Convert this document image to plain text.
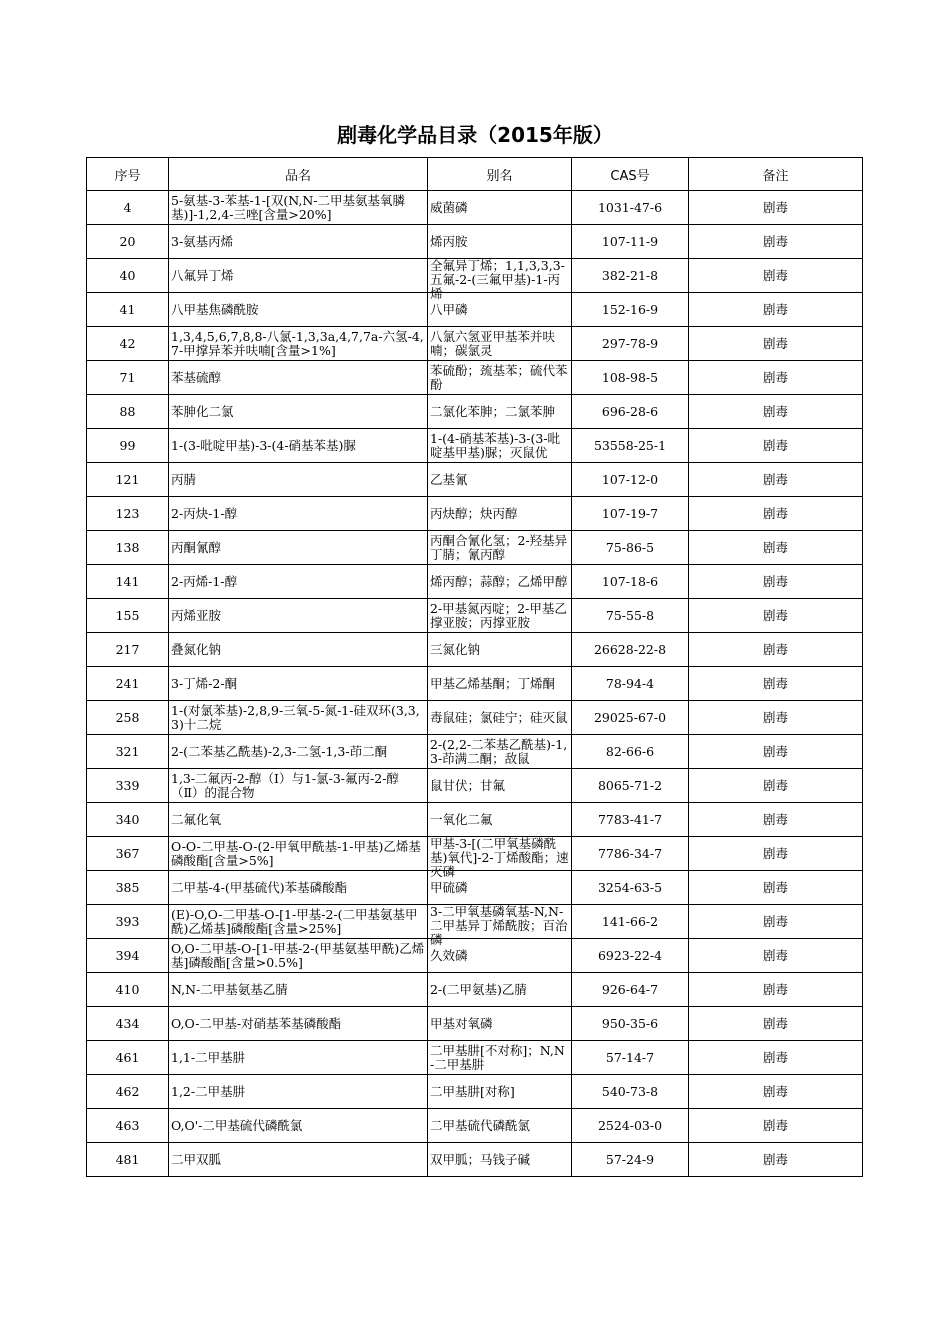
剧毒化学品目录（2015年版）
序号	品名	别名	CAS号	备注

4	5-氨基-3-苯基-1-[双(N,N-二甲基氨基氧膦基)]-1,2,4-三唑[含量>20%]	威菌磷	1031-47-6	剧毒

20	3-氨基丙烯	烯丙胺	107-11-9	剧毒

40	八氟异丁烯	全氟异丁烯；1,1,3,3,3-五氟-2-(三氟甲基)-1-丙烯	382-21-8	剧毒

41	八甲基焦磷酰胺	八甲磷	152-16-9	剧毒

42	1,3,4,5,6,7,8,8-八氯-1,3,3a,4,7,7a-六氢-4,7-甲撑异苯并呋喃[含量>1%]	八氯六氢亚甲基苯并呋喃；碳氯灵	297-78-9	剧毒

71	苯基硫醇	苯硫酚；巯基苯；硫代苯酚	108-98-5	剧毒

88	苯胂化二氯	二氯化苯胂；二氯苯胂	696-28-6	剧毒

99	1-(3-吡啶甲基)-3-(4-硝基苯基)脲	1-(4-硝基苯基)-3-(3-吡啶基甲基)脲；灭鼠优	53558-25-1	剧毒

121	丙腈	乙基氰	107-12-0	剧毒

123	2-丙炔-1-醇	丙炔醇；炔丙醇	107-19-7	剧毒

138	丙酮氰醇	丙酮合氰化氢；2-羟基异丁腈；氰丙醇	75-86-5	剧毒

141	2-丙烯-1-醇	烯丙醇；蒜醇；乙烯甲醇	107-18-6	剧毒

155	丙烯亚胺	2-甲基氮丙啶；2-甲基乙撑亚胺；丙撑亚胺	75-55-8	剧毒

217	叠氮化钠	三氮化钠	26628-22-8	剧毒

241	3-丁烯-2-酮	甲基乙烯基酮；丁烯酮	78-94-4	剧毒

258	1-(对氯苯基)-2,8,9-三氧-5-氮-1-硅双环(3,3,3)十二烷	毒鼠硅；氯硅宁；硅灭鼠	29025-67-0	剧毒

321	2-(二苯基乙酰基)-2,3-二氢-1,3-茚二酮	2-(2,2-二苯基乙酰基)-1,3-茚满二酮；敌鼠	82-66-6	剧毒

339	1,3-二氟丙-2-醇（Ⅰ）与1-氯-3-氟丙-2-醇（Ⅱ）的混合物	鼠甘伏；甘氟	8065-71-2	剧毒

340	二氟化氧	一氧化二氟	7783-41-7	剧毒

367	O-O-二甲基-O-(2-甲氧甲酰基-1-甲基)乙烯基磷酸酯[含量>5%]	甲基-3-[(二甲氧基磷酰基)氧代]-2-丁烯酸酯；速灭磷	7786-34-7	剧毒

385	二甲基-4-(甲基硫代)苯基磷酸酯	甲硫磷	3254-63-5	剧毒

393	(E)-O,O-二甲基-O-[1-甲基-2-(二甲基氨基甲酰)乙烯基]磷酸酯[含量>25%]	3-二甲氧基磷氧基-N,N-二甲基异丁烯酰胺；百治磷	141-66-2	剧毒

394	O,O-二甲基-O-[1-甲基-2-(甲基氨基甲酰)乙烯基]磷酸酯[含量>0.5%]	久效磷	6923-22-4	剧毒

410	N,N-二甲基氨基乙腈	2-(二甲氨基)乙腈	926-64-7	剧毒

434	O,O-二甲基-对硝基苯基磷酸酯	甲基对氧磷	950-35-6	剧毒

461	1,1-二甲基肼	二甲基肼[不对称]；N,N-二甲基肼	57-14-7	剧毒

462	1,2-二甲基肼	二甲基肼[对称]	540-73-8	剧毒

463	O,O'-二甲基硫代磷酰氯	二甲基硫代磷酰氯	2524-03-0	剧毒

481	二甲双胍	双甲胍；马钱子碱	57-24-9	剧毒
